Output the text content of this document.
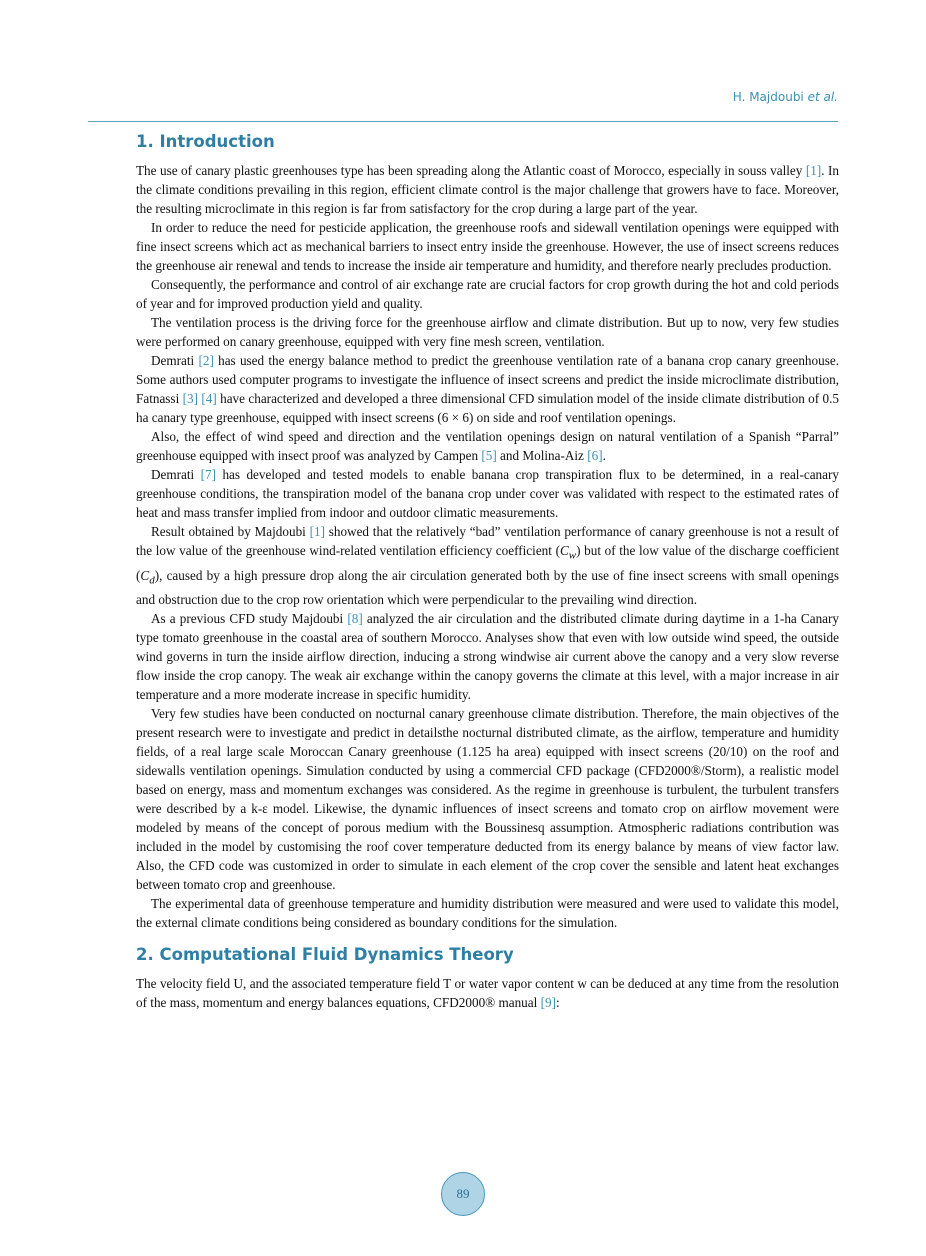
H. Majdoubi et al.
1. Introduction

The use of canary plastic greenhouses type has been spreading along the Atlantic coast of Morocco, especially in souss valley [1]. In the climate conditions prevailing in this region, efficient climate control is the major challenge that growers have to face. Moreover, the resulting microclimate in this region is far from satisfactory for the crop during a large part of the year.

In order to reduce the need for pesticide application, the greenhouse roofs and sidewall ventilation openings were equipped with fine insect screens which act as mechanical barriers to insect entry inside the greenhouse. However, the use of insect screens reduces the greenhouse air renewal and tends to increase the inside air temperature and humidity, and therefore nearly precludes production.

Consequently, the performance and control of air exchange rate are crucial factors for crop growth during the hot and cold periods of year and for improved production yield and quality.

The ventilation process is the driving force for the greenhouse airflow and climate distribution. But up to now, very few studies were performed on canary greenhouse, equipped with very fine mesh screen, ventilation.

Demrati [2] has used the energy balance method to predict the greenhouse ventilation rate of a banana crop canary greenhouse. Some authors used computer programs to investigate the influence of insect screens and predict the inside microclimate distribution, Fatnassi [3] [4] have characterized and developed a three dimensional CFD simulation model of the inside climate distribution of 0.5 ha canary type greenhouse, equipped with insect screens (6 × 6) on side and roof ventilation openings.

Also, the effect of wind speed and direction and the ventilation openings design on natural ventilation of a Spanish “Parral” greenhouse equipped with insect proof was analyzed by Campen [5] and Molina-Aiz [6].

Demrati [7] has developed and tested models to enable banana crop transpiration flux to be determined, in a real-canary greenhouse conditions, the transpiration model of the banana crop under cover was validated with respect to the estimated rates of heat and mass transfer implied from indoor and outdoor climatic measurements.

Result obtained by Majdoubi [1] showed that the relatively “bad” ventilation performance of canary greenhouse is not a result of the low value of the greenhouse wind-related ventilation efficiency coefficient $(C_w)$ but of the low value of the discharge coefficient $(C_d)$, caused by a high pressure drop along the air circulation generated both by the use of fine insect screens with small openings and obstruction due to the crop row orientation which were perpendicular to the prevailing wind direction.

As a previous CFD study Majdoubi [8] analyzed the air circulation and the distributed climate during daytime in a 1-ha Canary type tomato greenhouse in the coastal area of southern Morocco. Analyses show that even with low outside wind speed, the outside wind governs in turn the inside airflow direction, inducing a strong windwise air current above the canopy and a very slow reverse flow inside the crop canopy. The weak air exchange within the canopy governs the climate at this level, with a major increase in air temperature and a more moderate increase in specific humidity.

Very few studies have been conducted on nocturnal canary greenhouse climate distribution. Therefore, the main objectives of the present research were to investigate and predict in detailsthe nocturnal distributed climate, as the airflow, temperature and humidity fields, of a real large scale Moroccan Canary greenhouse (1.125 ha area) equipped with insect screens (20/10) on the roof and sidewalls ventilation openings. Simulation conducted by using a commercial CFD package (CFD2000®/Storm), a realistic model based on energy, mass and momentum exchanges was considered. As the regime in greenhouse is turbulent, the turbulent transfers were described by a k-ε model. Likewise, the dynamic influences of insect screens and tomato crop on airflow movement were modeled by means of the concept of porous medium with the Boussinesq assumption. Atmospheric radiations contribution was included in the model by customising the roof cover temperature deducted from its energy balance by means of view factor law. Also, the CFD code was customized in order to simulate in each element of the crop cover the sensible and latent heat exchanges between tomato crop and greenhouse.

The experimental data of greenhouse temperature and humidity distribution were measured and were used to validate this model, the external climate conditions being considered as boundary conditions for the simulation.

2. Computational Fluid Dynamics Theory

The velocity field U, and the associated temperature field T or water vapor content w can be deduced at any time from the resolution of the mass, momentum and energy balances equations, CFD2000® manual [9]:

89
